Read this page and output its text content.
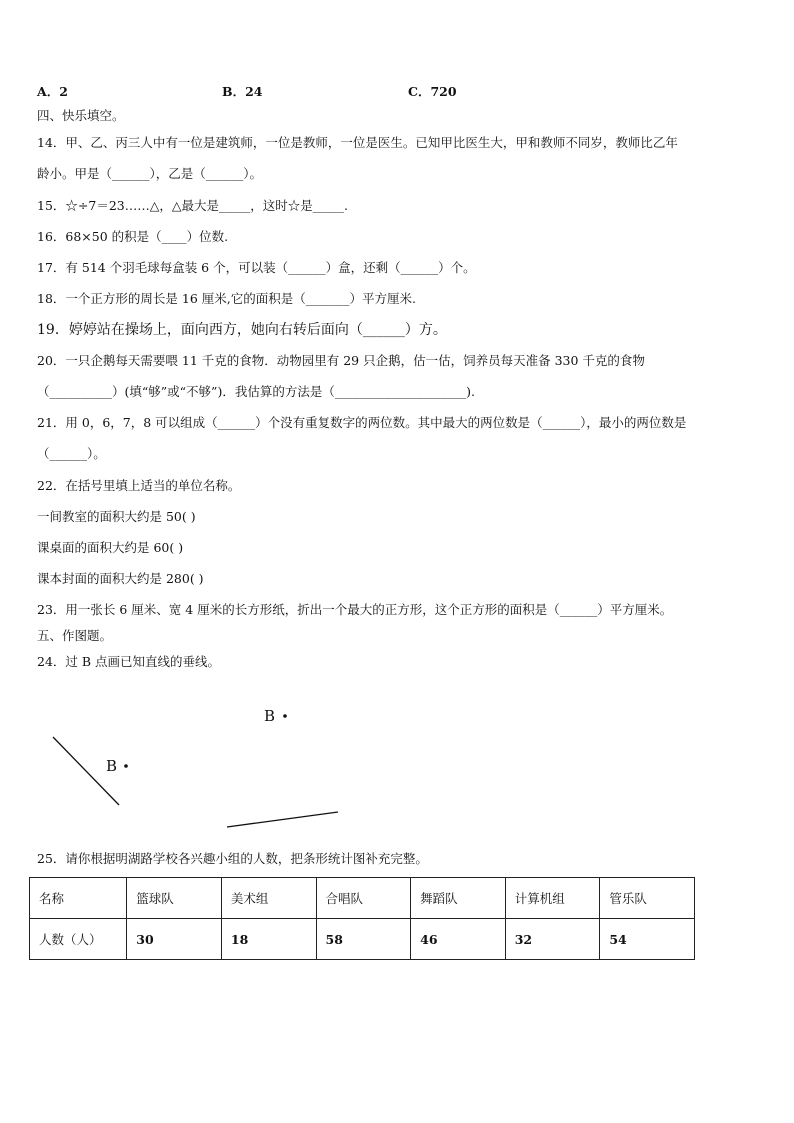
A．2	B．24	C．720
四、快乐填空。
14．甲、乙、丙三人中有一位是建筑师，一位是教师，一位是医生。已知甲比医生大，甲和教师不同岁，教师比乙年
龄小。甲是（______），乙是（______）。
15．☆÷7＝23……△，△最大是_____，这时☆是_____.
16．68×50 的积是（____）位数.
17．有 514 个羽毛球每盒装 6 个，可以装（______）盒，还剩（______）个。
18．一个正方形的周长是 16 厘米,它的面积是（_______）平方厘米.
19．婷婷站在操场上，面向西方，她向右转后面向（______）方。
20．一只企鹅每天需要喂 11 千克的食物．动物园里有 29 只企鹅，估一估，饲养员每天准备 330 千克的食物
（__________）(填“够”或“不够”)．我估算的方法是（_____________________).
21．用 0，6，7，8 可以组成（______）个没有重复数字的两位数。其中最大的两位数是（______），最小的两位数是
（______）。
22．在括号里填上适当的单位名称。
一间教室的面积大约是 50( )
课桌面的面积大约是 60( )
课本封面的面积大约是 280( )
23．用一张长 6 厘米、宽 4 厘米的长方形纸，折出一个最大的正方形，这个正方形的面积是（______）平方厘米。
五、作图题。
24．过 B 点画已知直线的垂线。
B
B
25．请你根据明湖路学校各兴趣小组的人数，把条形统计图补充完整。
名称	篮球队	美术组	合唱队	舞蹈队	计算机组	管乐队
人数（人）	30	18	58	46	32	54
